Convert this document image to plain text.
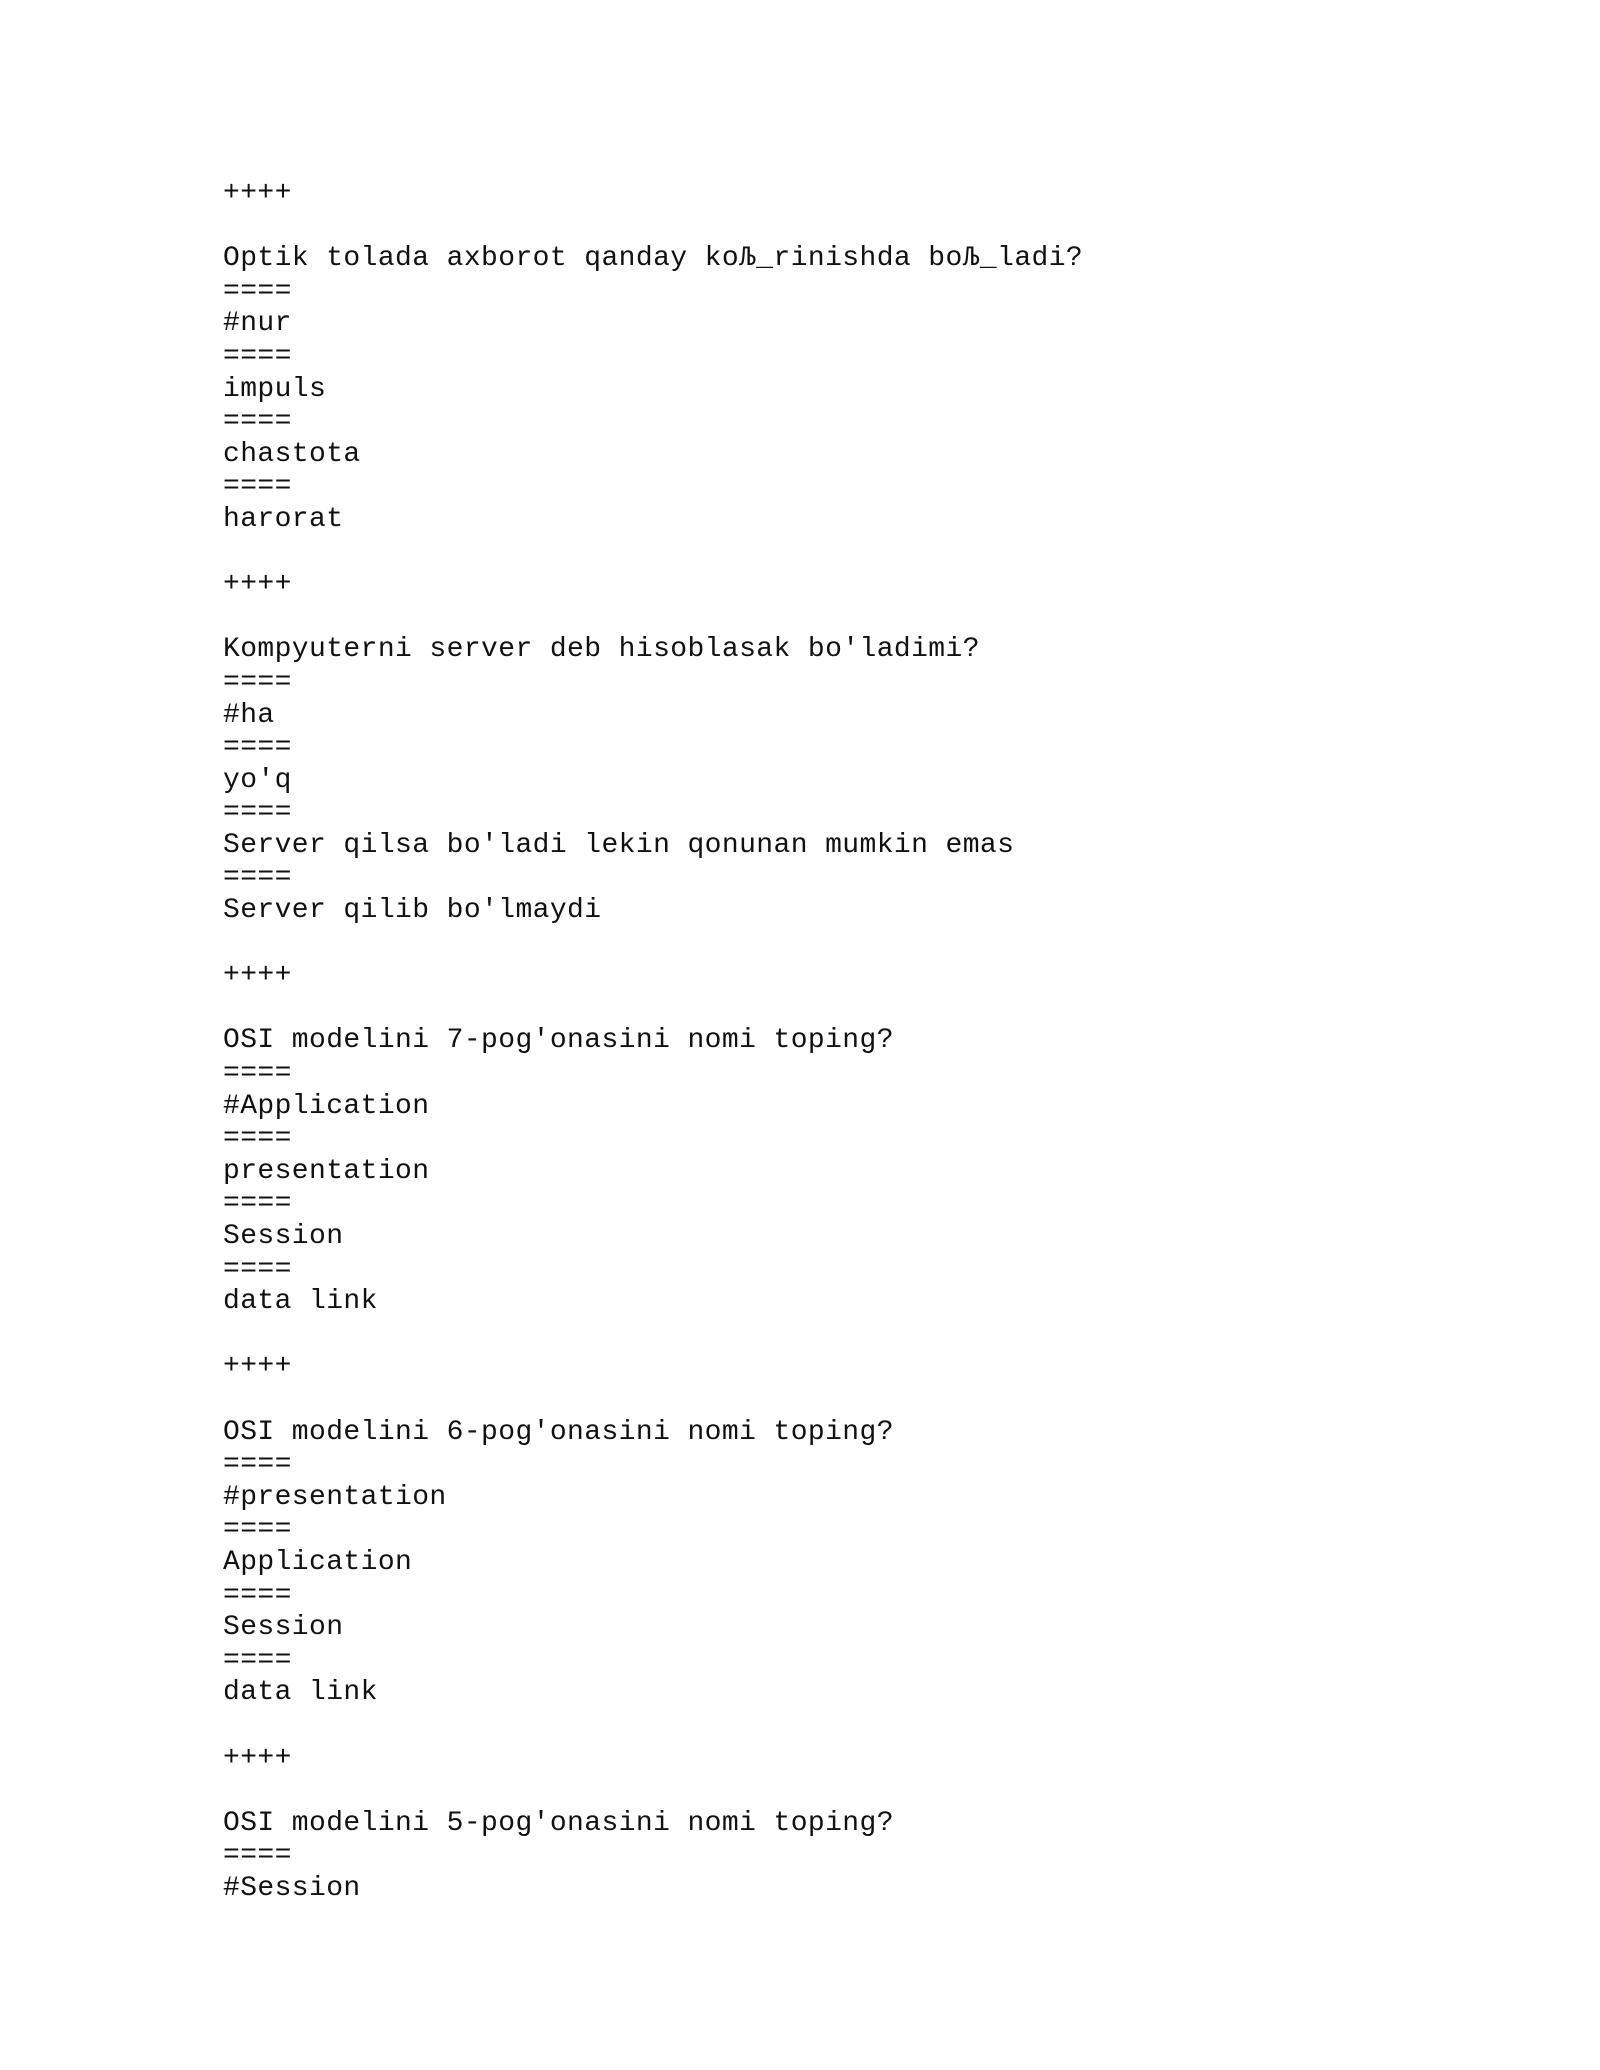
++++
Optik tolada axborot qanday koЉ_rinishda boЉ_ladi?
====
#nur
====
impuls
====
chastota
====
harorat
++++
Kompyuterni server deb hisoblasak bo'ladimi?
====
#ha
====
yo'q
====
Server qilsa bo'ladi lekin qonunan mumkin emas
====
Server qilib bo'lmaydi
++++
OSI modelini 7-pog'onasini nomi toping?
====
#Application
====
presentation
====
Session
====
data link
++++
OSI modelini 6-pog'onasini nomi toping?
====
#presentation
====
Application
====
Session
====
data link
++++
OSI modelini 5-pog'onasini nomi toping?
====
#Session
